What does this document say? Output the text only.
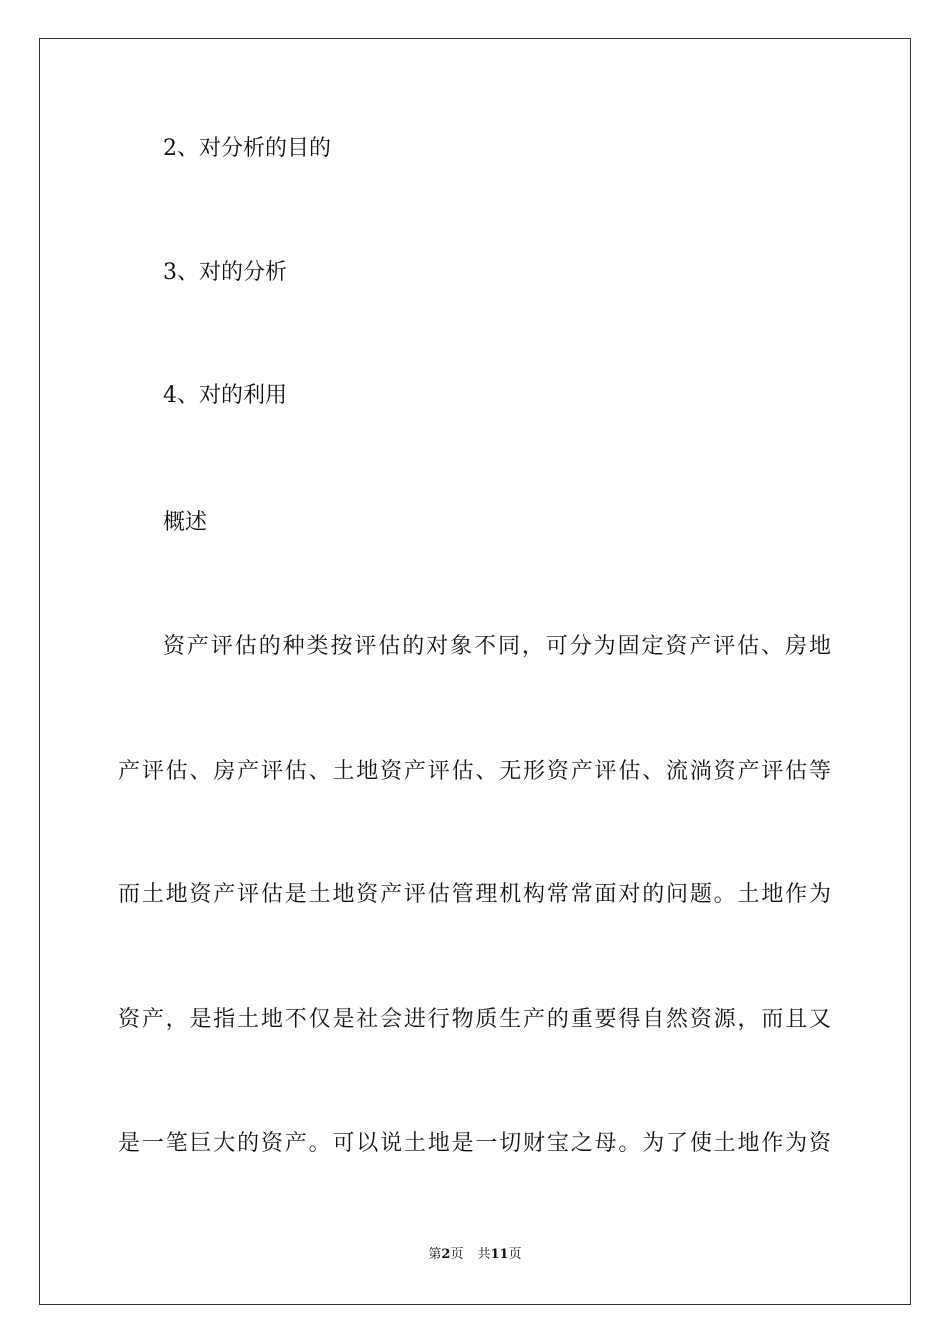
2、对分析的目的
3、对的分析
4、对的利用
概述
资产评估的种类按评估的对象不同，可分为固定资产评估、房地
产评估、房产评估、土地资产评估、无形资产评估、流淌资产评估等
而土地资产评估是土地资产评估管理机构常常面对的问题。土地作为
资产，是指土地不仅是社会进行物质生产的重要得自然资源，而且又
是一笔巨大的资产。可以说土地是一切财宝之母。为了使土地作为资
第2页 共11页
